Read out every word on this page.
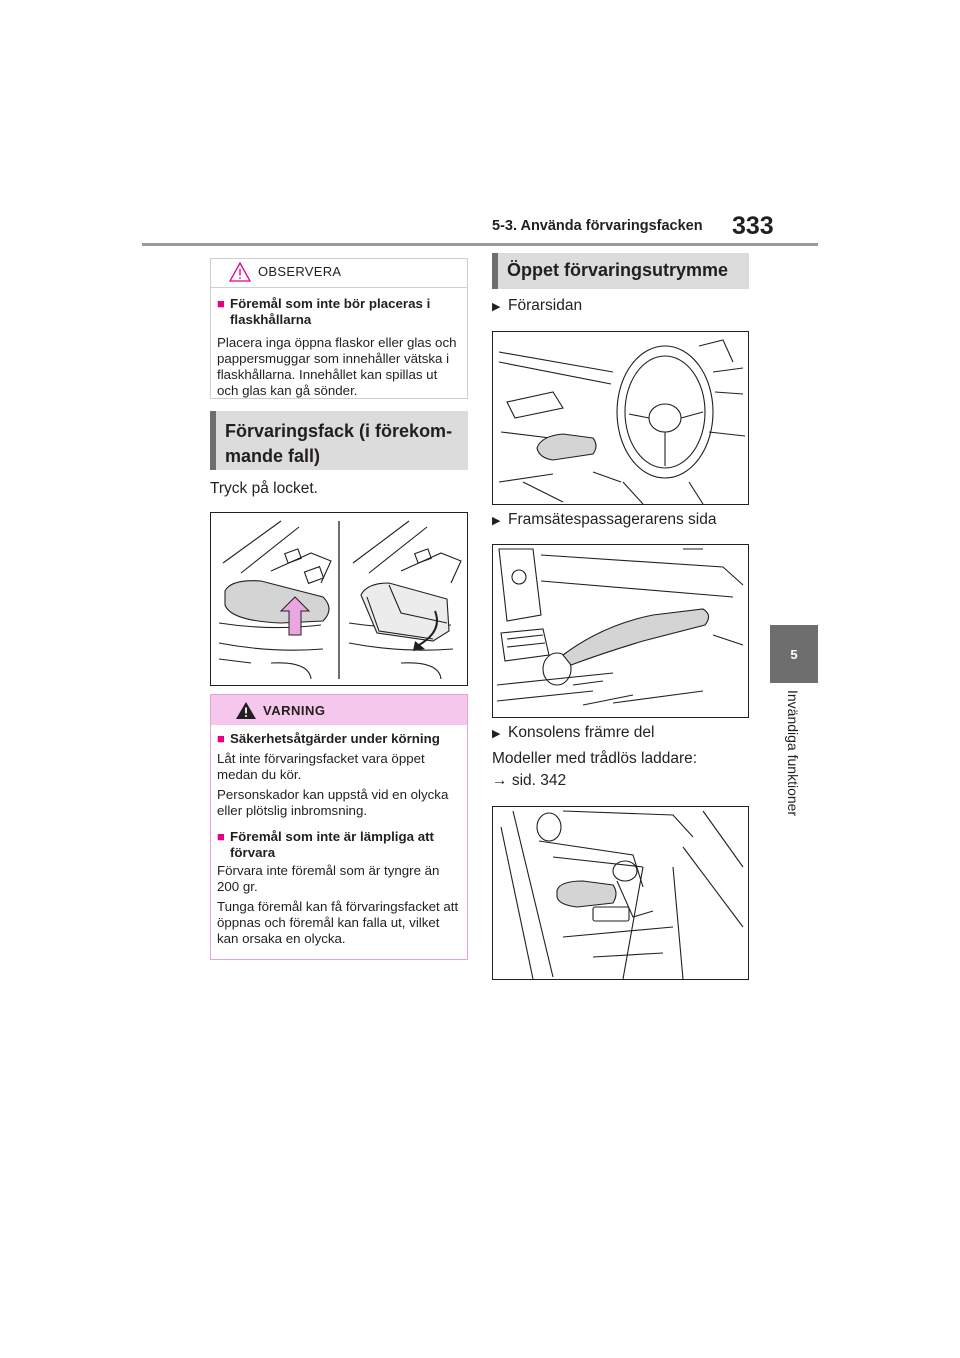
5-3. Använda förvaringsfacken 333
5
Invändiga funktioner
OBSERVERA
■ Föremål som inte bör placeras i flaskhållarna
Placera inga öppna flaskor eller glas och pappersmuggar som innehåller vätska i flaskhållarna. Innehållet kan spillas ut och glas kan gå sönder.
Förvaringsfack (i förekom-
mande fall)
Tryck på locket.
VARNING
■ Säkerhetsåtgärder under körning
Låt inte förvaringsfacket vara öppet medan du kör.
Personskador kan uppstå vid en olycka eller plötslig inbromsning.
■ Föremål som inte är lämpliga att förvara
Förvara inte föremål som är tyngre än 200 gr.
Tunga föremål kan få förvaringsfacket att öppnas och föremål kan falla ut, vilket kan orsaka en olycka.
Öppet förvaringsutrymme
▶ Förarsidan
▶ Framsätespassagerarens sida
▶ Konsolens främre del
Modeller med trådlös laddare:
→ sid. 342
